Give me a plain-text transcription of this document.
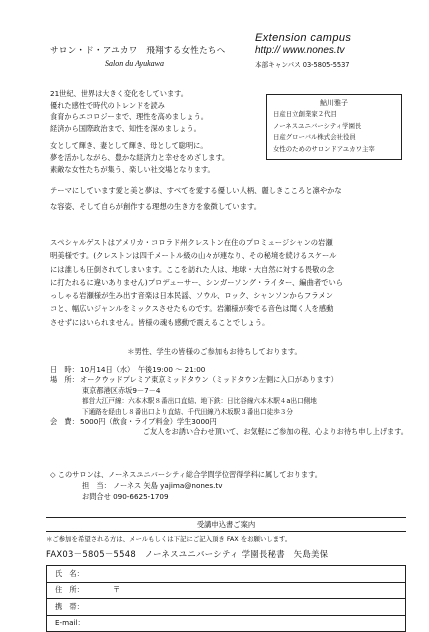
サロン・ド・アユカワ　飛翔する女性たちへ
Salon du Ayukawa
Extension campus
http:// www.nones.tv
本部キャンパス 03-5805-5537
21世紀、世界は大きく変化をしています。
優れた感性で時代のトレンドを読み
食育からエコロジーまで、理性を高めましょう。
経済から国際政治まで、知性を深めましょう。
女として輝き、妻として輝き、母として聡明に。
夢を活かしながら、豊かな経済力と幸せをめざします。
素敵な女性たちが集う、楽しい社交場となります。
鮎川雅子
日産日立創業家２代目
ノーネスユニバーシティ学園長
日産グローバル株式会社役員
女性のためのサロンドアユカワ主宰
テーマにしています愛と美と夢は、すべてを愛する優しい人柄、麗しきこころと凛やかな
な容姿、そして自らが創作する理想の生き方を象徴しています。
スペシャルゲストはアメリカ・コロラド州クレストン在住のプロミュージシャンの岩瀬
明美様です。(クレストンは四千メートル級の山々が連なり、その秘境を続けるスケール
には誰しも圧倒されてしまいます。ここを訪れた人は、地球・大自然に対する畏敬の念
に打たれるに違いありません)プロデューサー、シンガーソング・ライター、編曲者でいら
っしゃる岩瀬様が生み出す音楽は日本民謡、ソウル、ロック、シャンソンからフラメン
コと、幅広いジャンルをミックスさせたものです。岩瀬様が奏でる音色は聞く人を感動
させずにはいられません。皆様の魂も感動で震えることでしょう。
＊男性、学生の皆様のご参加もお待ちしております。
日　時： 10月14日（水）　午後19:00 ～ 21:00
場　所： オークウッドプレミア東京ミッドタウン（ミッドタウン左側に入口があります）
東京都港区赤坂9－7－4
都営大江戸線：六本木駅８番出口直結、地下鉄：日比谷線六本木駅４a出口側地
下通路を経由し８番出口より直結、千代田線乃木坂駅３番出口徒歩３分
会　費： 5000円（飲食・ライブ料金）学生3000円
ご友人をお誘い合わせ頂いて、お気軽にご参加の程、心よりお待ち申し上げます。
◇ このサロンは、ノーネスユニバーシティ総合学問学位習得学科に属しております。
担　当： ノーネス 矢島 yajima@nones.tv
お問合せ 090-6625-1709
受講申込書ご案内
＊ご参加を希望される方は、メールもしくは下記にご記入頂き FAX をお願いします。
FAX03－5805－5548　ノーネスユニバーシティ 学園長秘書　矢島美保
氏　名：
住　所：	〒
携　帯：
E-mail：
